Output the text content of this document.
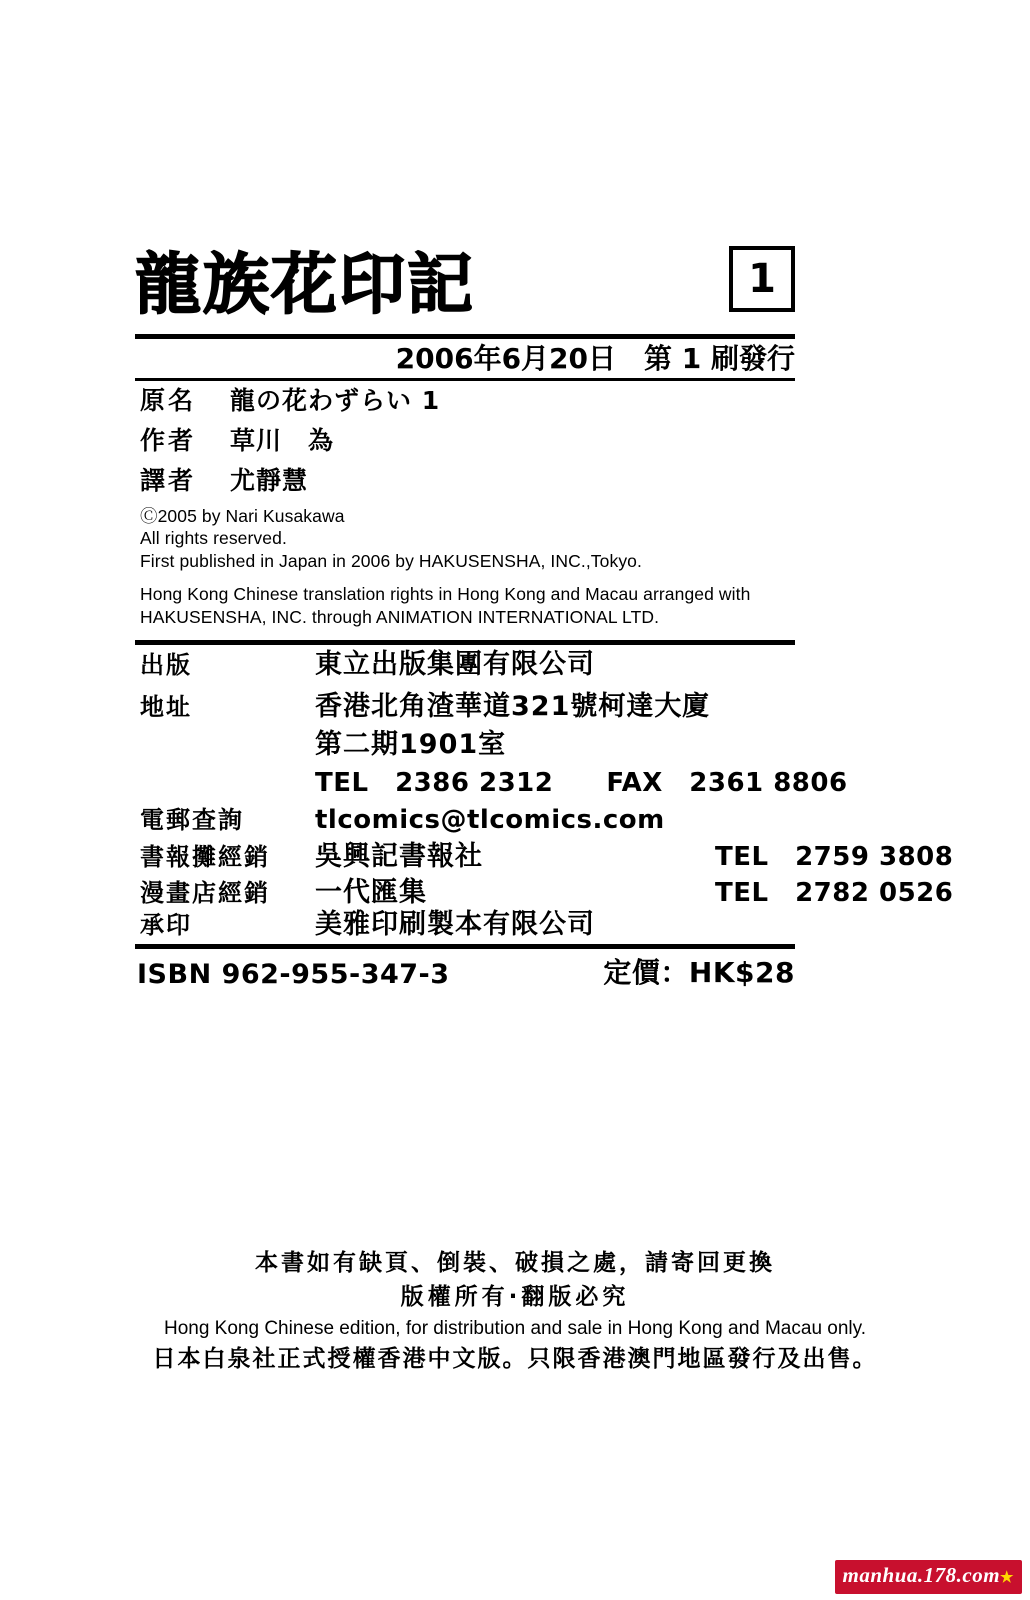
龍族花印記	1
2006年6月20日　第 1 刷發行
原名 龍の花わずらい 1
作者 草川　為
譯者 尤靜慧
Ⓒ2005 by Nari Kusakawa
All rights reserved.
First published in Japan in 2006 by HAKUSENSHA, INC.,Tokyo.
Hong Kong Chinese translation rights in Hong Kong and Macau arranged with
HAKUSENSHA, INC. through ANIMATION INTERNATIONAL LTD.
出版	東立出版集團有限公司
地址	香港北角渣華道321號柯達大廈
第二期1901室
TEL　2386 2312　　FAX　2361 8806
電郵查詢	tlcomics@tlcomics.com
書報攤經銷 吳興記書報社	TEL　2759 3808
漫畫店經銷 一代匯集	TEL　2782 0526
承印	美雅印刷製本有限公司
ISBN 962-955-347-3	定價：HK$28
本書如有缺頁、倒裝、破損之處，請寄回更換
版權所有·翻版必究
Hong Kong Chinese edition, for distribution and sale in Hong Kong and Macau only.
日本白泉社正式授權香港中文版。只限香港澳門地區發行及出售。
manhua.178.com★
